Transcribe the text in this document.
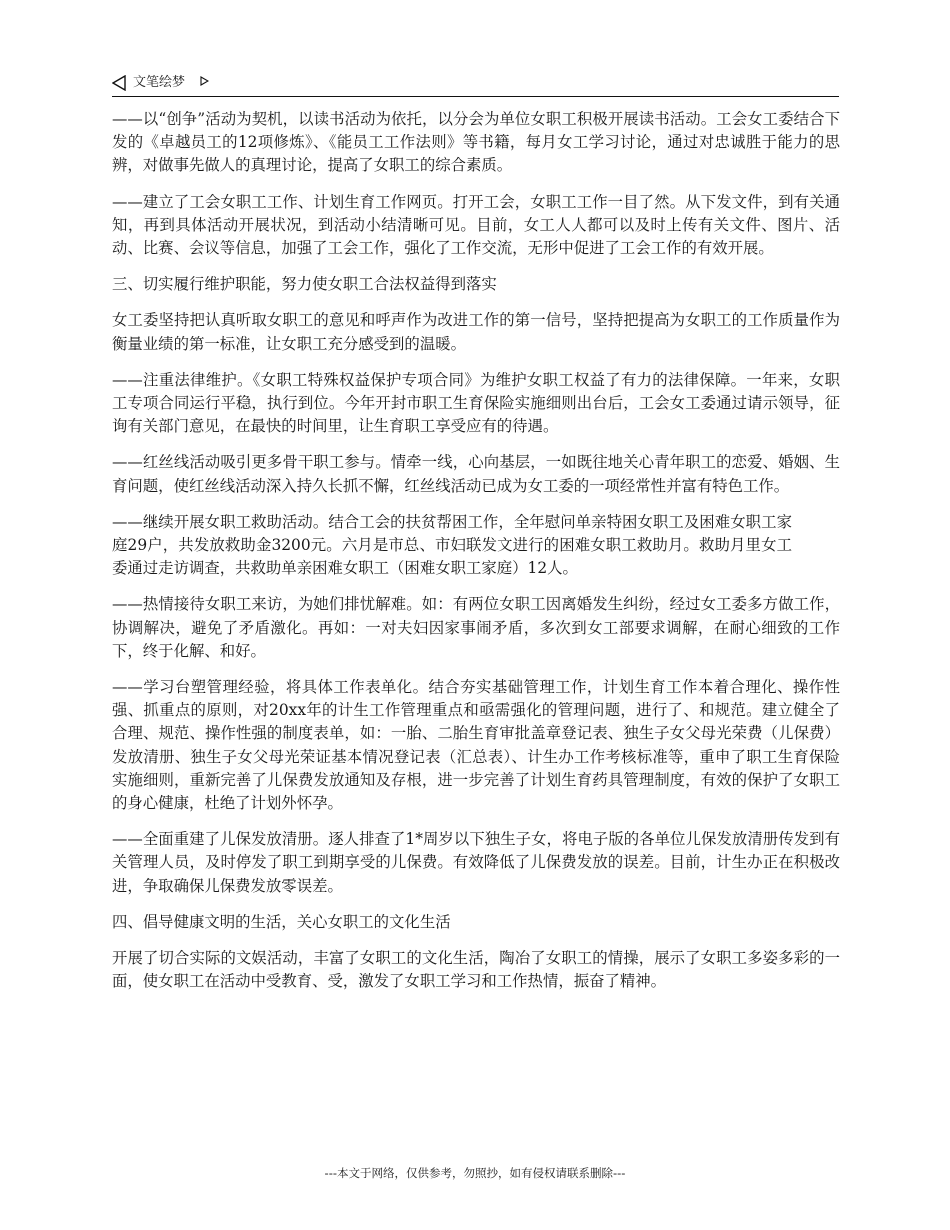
文笔绘梦

——以“创争”活动为契机，以读书活动为依托，以分会为单位女职工积极开展读书活动。工会女工委结合下发的《卓越员工的12项修炼》、《能员工工作法则》等书籍，每月女工学习讨论，通过对忠诚胜于能力的思辨，对做事先做人的真理讨论，提高了女职工的综合素质。

——建立了工会女职工工作、计划生育工作网页。打开工会，女职工工作一目了然。从下发文件，到有关通知，再到具体活动开展状况，到活动小结清晰可见。目前，女工人人都可以及时上传有关文件、图片、活动、比赛、会议等信息，加强了工会工作，强化了工作交流，无形中促进了工会工作的有效开展。

三、切实履行维护职能，努力使女职工合法权益得到落实

女工委坚持把认真听取女职工的意见和呼声作为改进工作的第一信号，坚持把提高为女职工的工作质量作为衡量业绩的第一标准，让女职工充分感受到的温暖。

——注重法律维护。《女职工特殊权益保护专项合同》为维护女职工权益了有力的法律保障。一年来，女职工专项合同运行平稳，执行到位。今年开封市职工生育保险实施细则出台后，工会女工委通过请示领导，征询有关部门意见，在最快的时间里，让生育职工享受应有的待遇。

——红丝线活动吸引更多骨干职工参与。情牵一线，心向基层，一如既往地关心青年职工的恋爱、婚姻、生育问题，使红丝线活动深入持久长抓不懈，红丝线活动已成为女工委的一项经常性并富有特色工作。

——继续开展女职工救助活动。结合工会的扶贫帮困工作，全年慰问单亲特困女职工及困难女职工家庭29户，共发放救助金3200元。六月是市总、市妇联发文进行的困难女职工救助月。救助月里女工委通过走访调查，共救助单亲困难女职工（困难女职工家庭）12人。

——热情接待女职工来访，为她们排忧解难。如：有两位女职工因离婚发生纠纷，经过女工委多方做工作，协调解决，避免了矛盾激化。再如：一对夫妇因家事闹矛盾，多次到女工部要求调解，在耐心细致的工作下，终于化解、和好。

——学习台塑管理经验，将具体工作表单化。结合夯实基础管理工作，计划生育工作本着合理化、操作性强、抓重点的原则，对20xx年的计生工作管理重点和亟需强化的管理问题，进行了、和规范。建立健全了合理、规范、操作性强的制度表单，如：一胎、二胎生育审批盖章登记表、独生子女父母光荣费（儿保费）发放清册、独生子女父母光荣证基本情况登记表（汇总表）、计生办工作考核标准等，重申了职工生育保险实施细则，重新完善了儿保费发放通知及存根，进一步完善了计划生育药具管理制度，有效的保护了女职工的身心健康，杜绝了计划外怀孕。

——全面重建了儿保发放清册。逐人排查了1*周岁以下独生子女，将电子版的各单位儿保发放清册传发到有关管理人员，及时停发了职工到期享受的儿保费。有效降低了儿保费发放的误差。目前，计生办正在积极改进，争取确保儿保费发放零误差。

四、倡导健康文明的生活，关心女职工的文化生活

开展了切合实际的文娱活动，丰富了女职工的文化生活，陶冶了女职工的情操，展示了女职工多姿多彩的一面，使女职工在活动中受教育、受，激发了女职工学习和工作热情，振奋了精神。

---本文于网络，仅供参考，勿照抄，如有侵权请联系删除---
